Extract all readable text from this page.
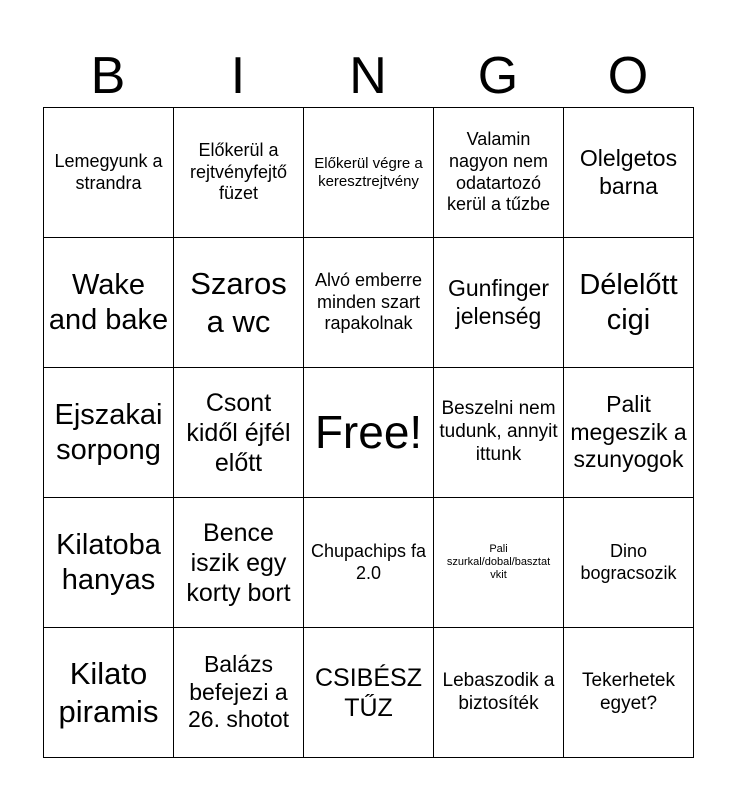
B	I	N	G	O
Lemegyunk a strandra	Előkerül a rejtvényfejtő füzet	Előkerül végre a keresztrejtvény	Valamin nagyon nem odatartozó kerül a tűzbe	Olelgetos barna
Wake and bake	Szaros a wc	Alvó emberre minden szart rapakolnak	Gunfinger jelenség	Délelőtt cigi
Ejszakai sorpong	Csont kidől éjfél előtt	Free!	Beszelni nem tudunk, annyit ittunk	Palit megeszik a szunyogok
Kilatoba hanyas	Bence iszik egy korty bort	Chupachips fa 2.0	Pali szurkal/dobal/basztat vkit	Dino bogracsozik
Kilato piramis	Balázs befejezi a 26. shotot	CSIBÉSZ TŰZ	Lebaszodik a biztosíték	Tekerhetek egyet?
